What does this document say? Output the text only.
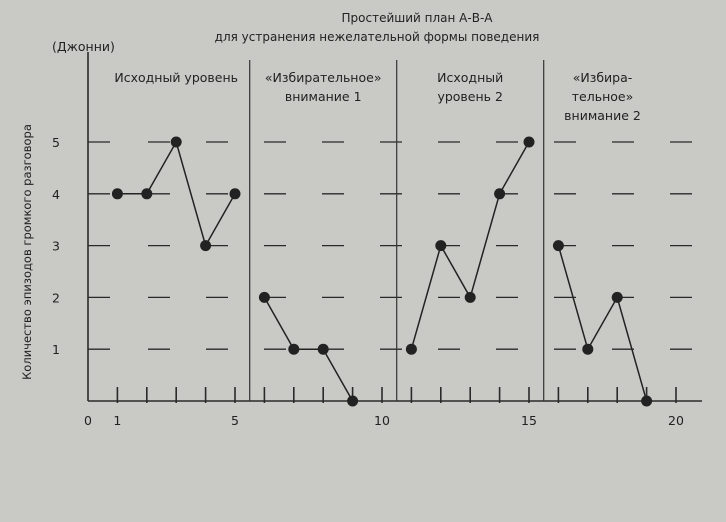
Простейший план А-В-А
для устранения нежелательной формы поведения
(Джонни)
Количество эпизодов громкого разговора 1
2
3
4
5
0 1	5	10	15	20
Исходный уровень «Избирательное»
внимание 1
Исходный
уровень 2
«Избира-
тельное»
внимание 2
